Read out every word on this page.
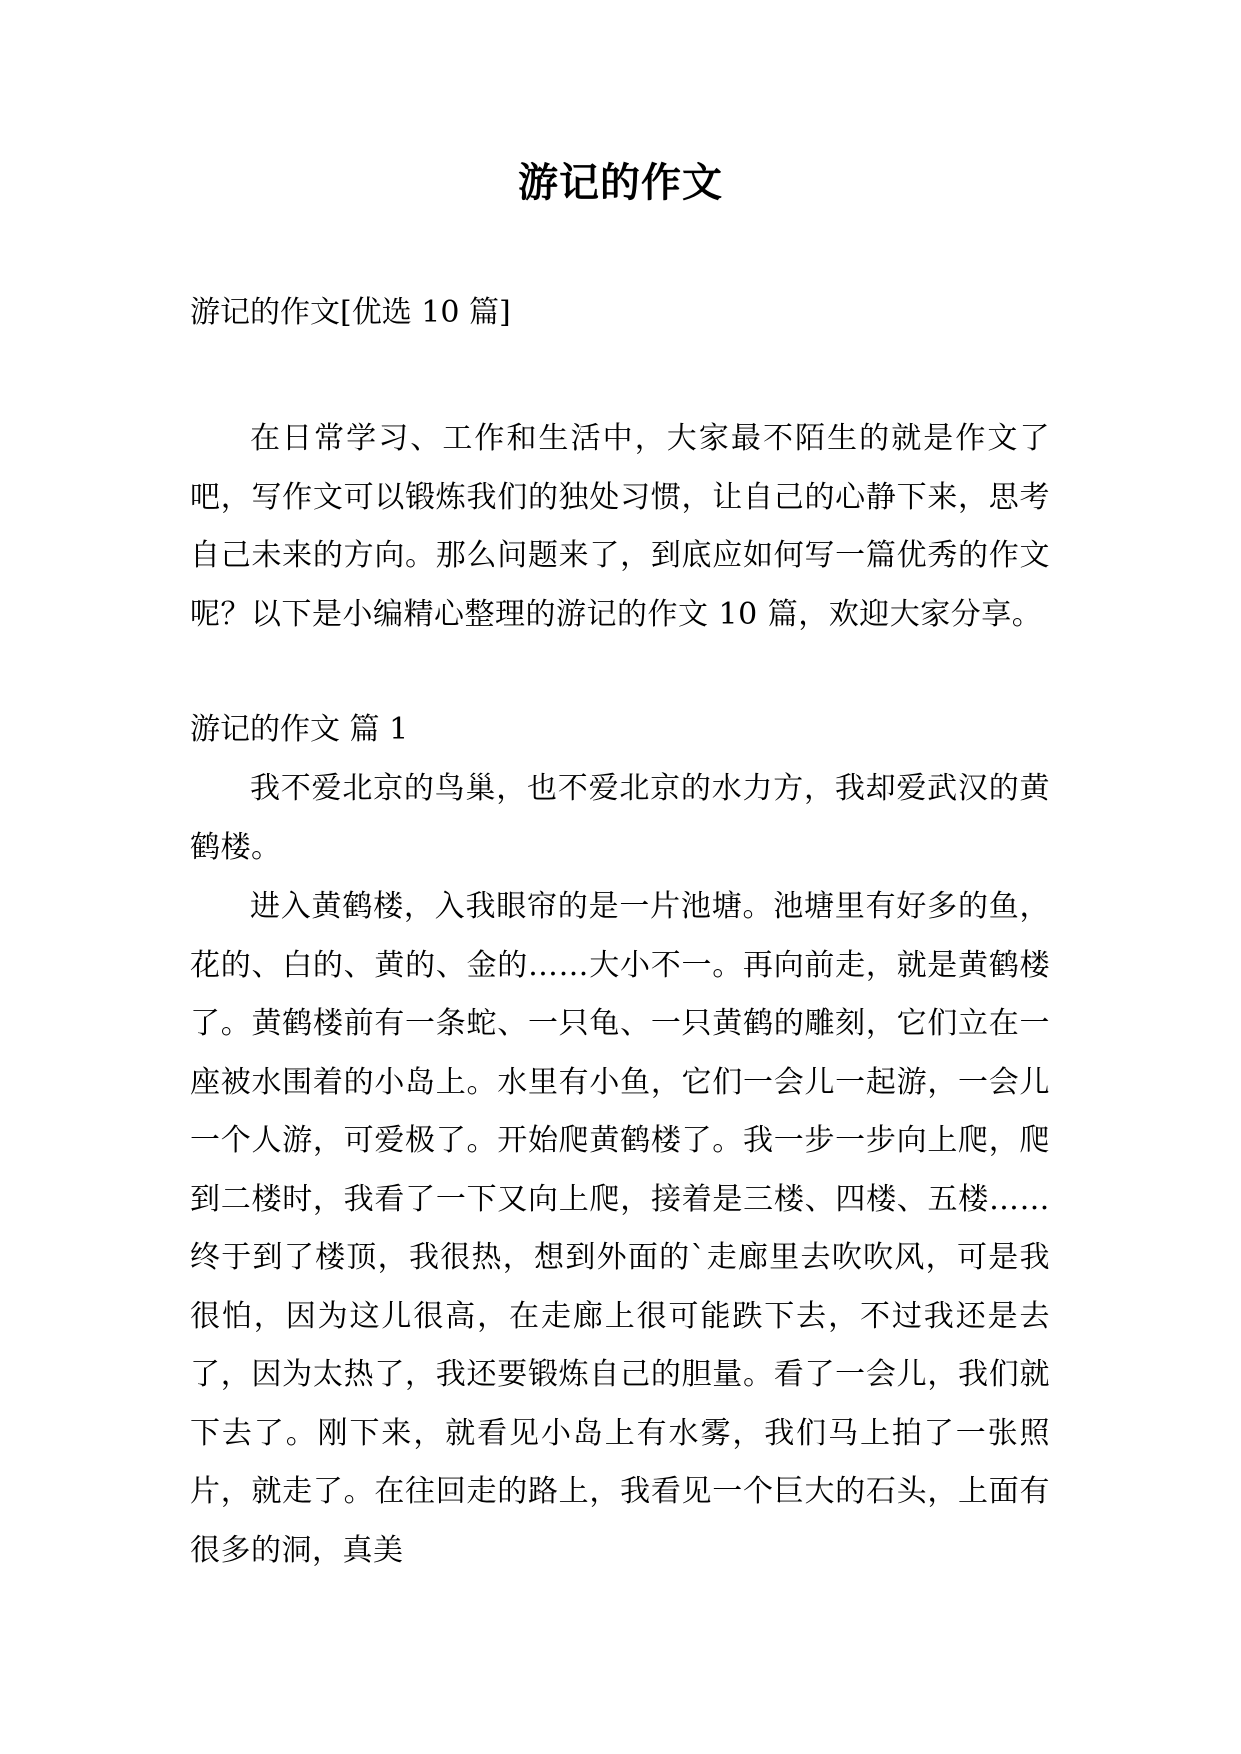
游记的作文
游记的作文[优选 10 篇]

在日常学习、工作和生活中，大家最不陌生的就是作文了吧，写作文可以锻炼我们的独处习惯，让自己的心静下来，思考自己未来的方向。那么问题来了，到底应如何写一篇优秀的作文呢？以下是小编精心整理的游记的作文 10 篇，欢迎大家分享。

游记的作文 篇 1

我不爱北京的鸟巢，也不爱北京的水力方，我却爱武汉的黄鹤楼。

进入黄鹤楼，入我眼帘的是一片池塘。池塘里有好多的鱼，花的、白的、黄的、金的……大小不一。再向前走，就是黄鹤楼了。黄鹤楼前有一条蛇、一只龟、一只黄鹤的雕刻，它们立在一座被水围着的小岛上。水里有小鱼，它们一会儿一起游，一会儿一个人游，可爱极了。开始爬黄鹤楼了。我一步一步向上爬，爬到二楼时，我看了一下又向上爬，接着是三楼、四楼、五楼……终于到了楼顶，我很热，想到外面的`走廊里去吹吹风，可是我很怕，因为这儿很高，在走廊上很可能跌下去，不过我还是去了，因为太热了，我还要锻炼自己的胆量。看了一会儿，我们就下去了。刚下来，就看见小岛上有水雾，我们马上拍了一张照片，就走了。在往回走的路上，我看见一个巨大的石头，上面有很多的洞，真美
